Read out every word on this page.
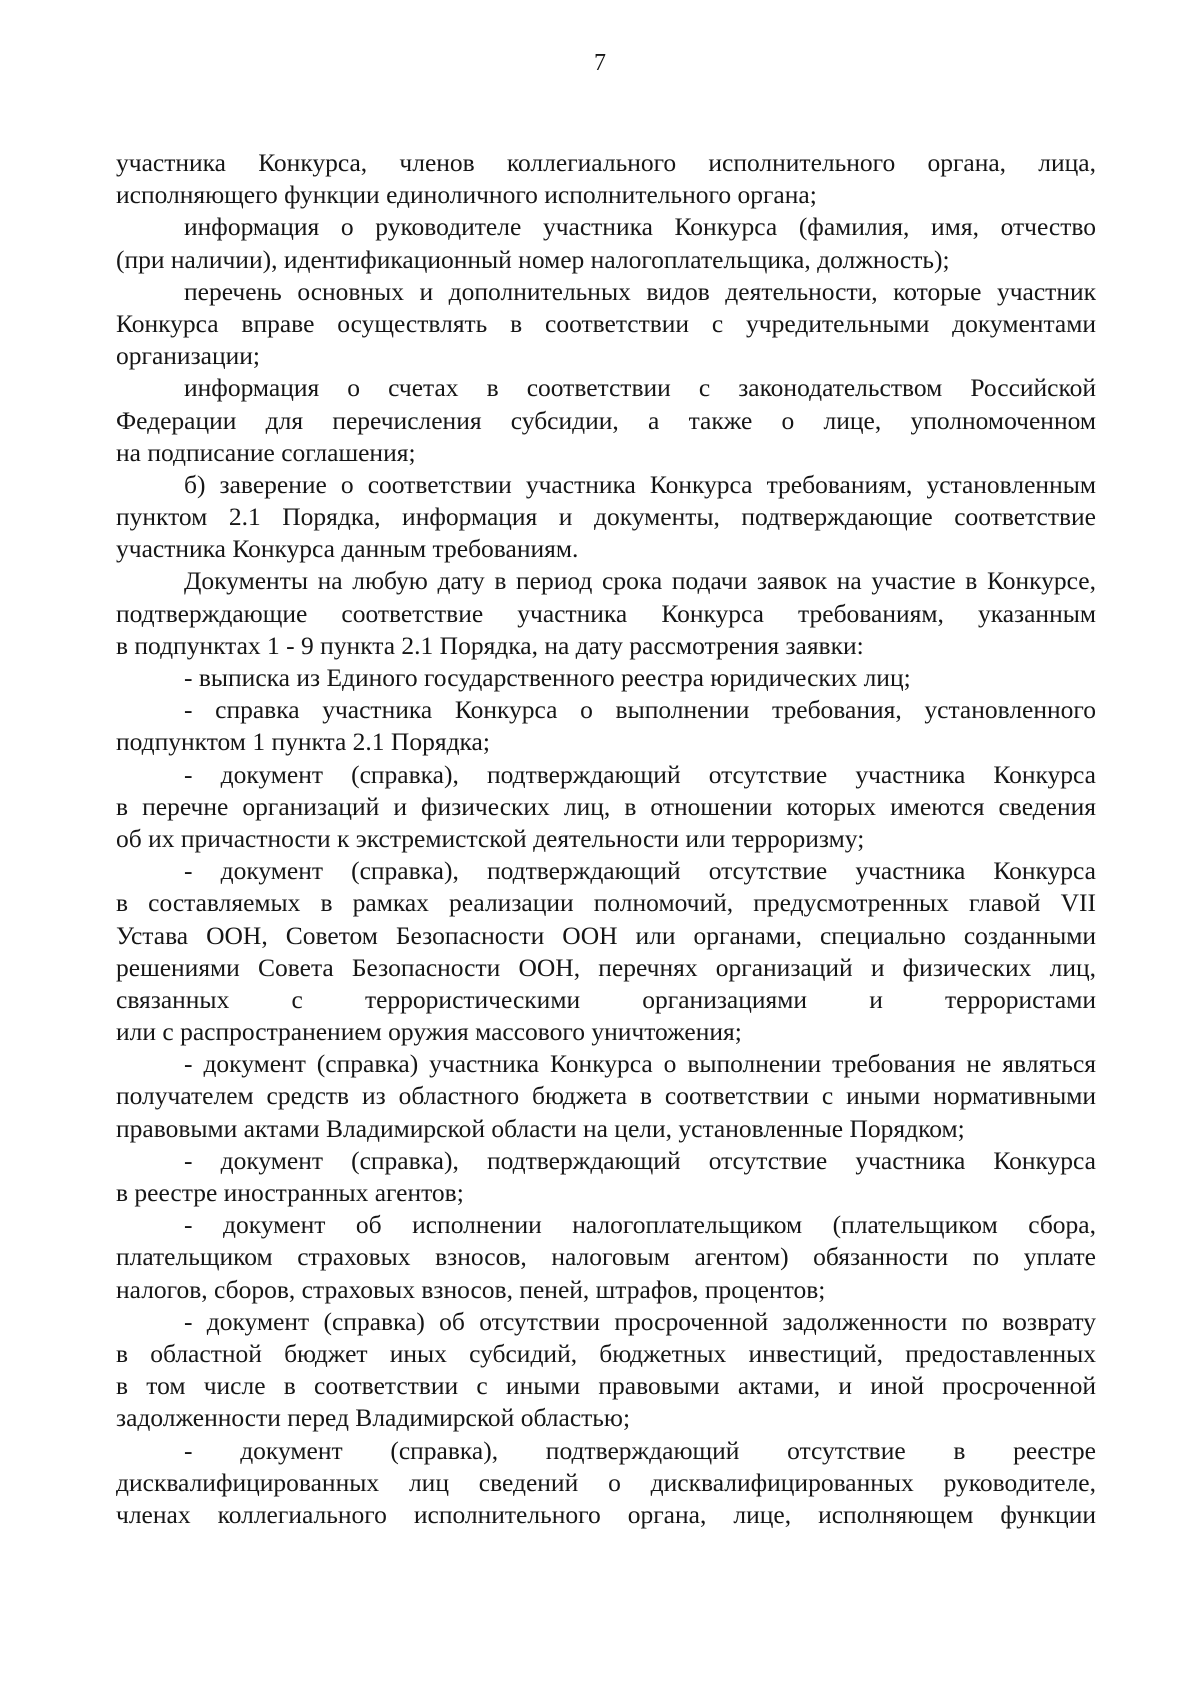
7
участника Конкурса, членов коллегиального исполнительного органа, лица,
исполняющего функции единоличного исполнительного органа;
информация о руководителе участника Конкурса (фамилия, имя, отчество
(при наличии), идентификационный номер налогоплательщика, должность);
перечень основных и дополнительных видов деятельности, которые участник
Конкурса вправе осуществлять в соответствии с учредительными документами
организации;
информация о счетах в соответствии с законодательством Российской
Федерации для перечисления субсидии, а также о лице, уполномоченном
на подписание соглашения;
б) заверение о соответствии участника Конкурса требованиям, установленным
пунктом 2.1 Порядка, информация и документы, подтверждающие соответствие
участника Конкурса данным требованиям.
Документы на любую дату в период срока подачи заявок на участие в Конкурсе,
подтверждающие соответствие участника Конкурса требованиям, указанным
в подпунктах 1 - 9 пункта 2.1 Порядка, на дату рассмотрения заявки:
- выписка из Единого государственного реестра юридических лиц;
- справка участника Конкурса о выполнении требования, установленного
подпунктом 1 пункта 2.1 Порядка;
- документ (справка), подтверждающий отсутствие участника Конкурса
в перечне организаций и физических лиц, в отношении которых имеются сведения
об их причастности к экстремистской деятельности или терроризму;
- документ (справка), подтверждающий отсутствие участника Конкурса
в составляемых в рамках реализации полномочий, предусмотренных главой VII
Устава ООН, Советом Безопасности ООН или органами, специально созданными
решениями Совета Безопасности ООН, перечнях организаций и физических лиц,
связанных с террористическими организациями и террористами
или с распространением оружия массового уничтожения;
- документ (справка) участника Конкурса о выполнении требования не являться
получателем средств из областного бюджета в соответствии с иными нормативными
правовыми актами Владимирской области на цели, установленные Порядком;
- документ (справка), подтверждающий отсутствие участника Конкурса
в реестре иностранных агентов;
- документ об исполнении налогоплательщиком (плательщиком сбора,
плательщиком страховых взносов, налоговым агентом) обязанности по уплате
налогов, сборов, страховых взносов, пеней, штрафов, процентов;
- документ (справка) об отсутствии просроченной задолженности по возврату
в областной бюджет иных субсидий, бюджетных инвестиций, предоставленных
в том числе в соответствии с иными правовыми актами, и иной просроченной
задолженности перед Владимирской областью;
- документ (справка), подтверждающий отсутствие в реестре
дисквалифицированных лиц сведений о дисквалифицированных руководителе,
членах коллегиального исполнительного органа, лице, исполняющем функции
